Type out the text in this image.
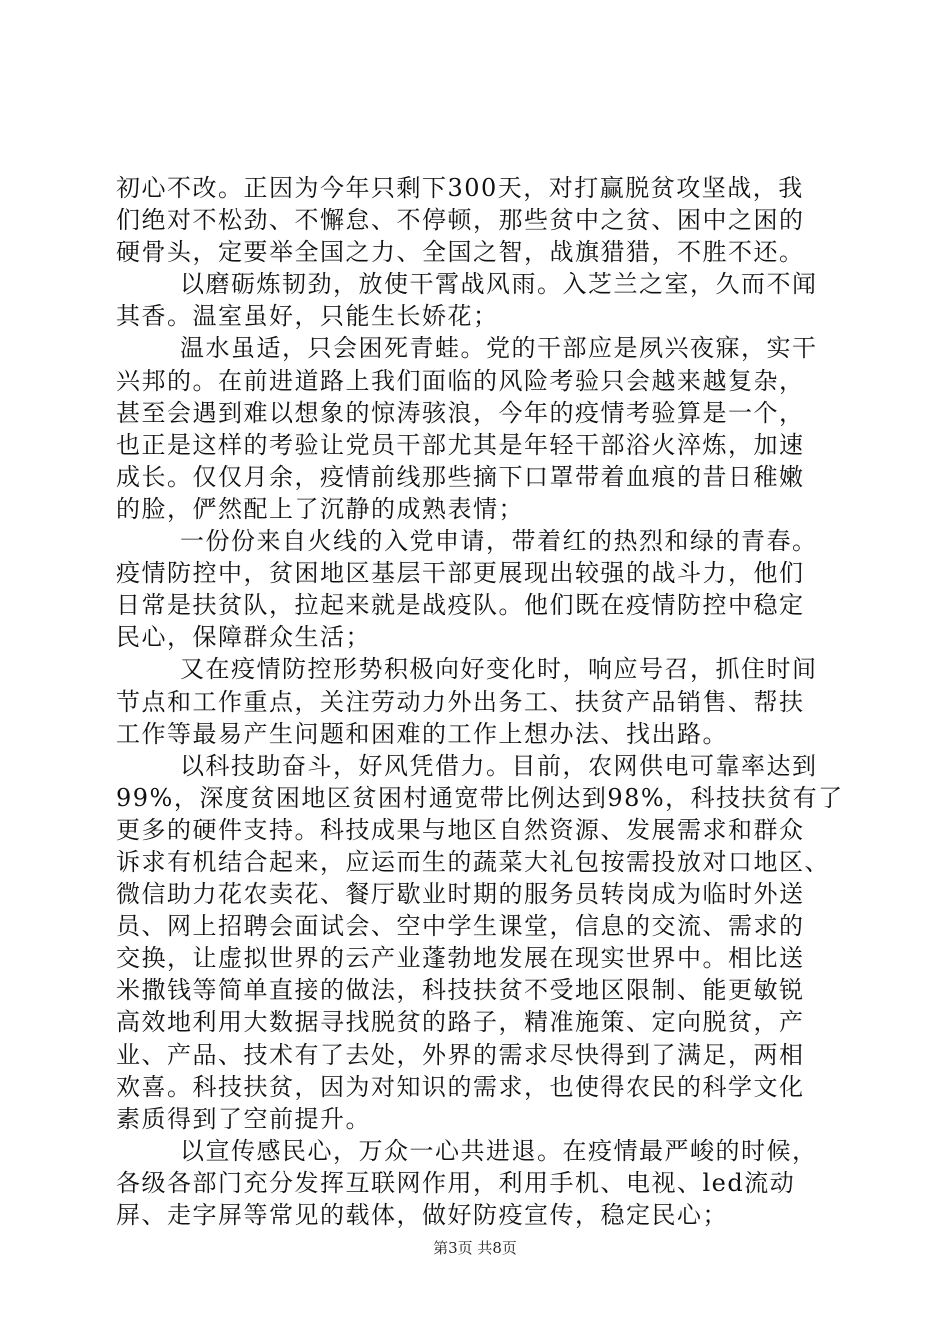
初心不改。正因为今年只剩下300天，对打赢脱贫攻坚战，我
们绝对不松劲、不懈怠、不停顿，那些贫中之贫、困中之困的
硬骨头，定要举全国之力、全国之智，战旗猎猎，不胜不还。
以磨砺炼韧劲，放使干霄战风雨。入芝兰之室，久而不闻
其香。温室虽好，只能生长娇花；
温水虽适，只会困死青蛙。党的干部应是夙兴夜寐，实干
兴邦的。在前进道路上我们面临的风险考验只会越来越复杂，
甚至会遇到难以想象的惊涛骇浪，今年的疫情考验算是一个，
也正是这样的考验让党员干部尤其是年轻干部浴火淬炼，加速
成长。仅仅月余，疫情前线那些摘下口罩带着血痕的昔日稚嫩
的脸，俨然配上了沉静的成熟表情；
一份份来自火线的入党申请，带着红的热烈和绿的青春。
疫情防控中，贫困地区基层干部更展现出较强的战斗力，他们
日常是扶贫队，拉起来就是战疫队。他们既在疫情防控中稳定
民心，保障群众生活；
又在疫情防控形势积极向好变化时，响应号召，抓住时间
节点和工作重点，关注劳动力外出务工、扶贫产品销售、帮扶
工作等最易产生问题和困难的工作上想办法、找出路。
以科技助奋斗，好风凭借力。目前，农网供电可靠率达到
99%，深度贫困地区贫困村通宽带比例达到98%，科技扶贫有了
更多的硬件支持。科技成果与地区自然资源、发展需求和群众
诉求有机结合起来，应运而生的蔬菜大礼包按需投放对口地区、
微信助力花农卖花、餐厅歇业时期的服务员转岗成为临时外送
员、网上招聘会面试会、空中学生课堂，信息的交流、需求的
交换，让虚拟世界的云产业蓬勃地发展在现实世界中。相比送
米撒钱等简单直接的做法，科技扶贫不受地区限制、能更敏锐
高效地利用大数据寻找脱贫的路子，精准施策、定向脱贫，产
业、产品、技术有了去处，外界的需求尽快得到了满足，两相
欢喜。科技扶贫，因为对知识的需求，也使得农民的科学文化
素质得到了空前提升。
以宣传感民心，万众一心共进退。在疫情最严峻的时候，
各级各部门充分发挥互联网作用，利用手机、电视、led流动
屏、走字屏等常见的载体，做好防疫宣传，稳定民心；
第3页 共8页
